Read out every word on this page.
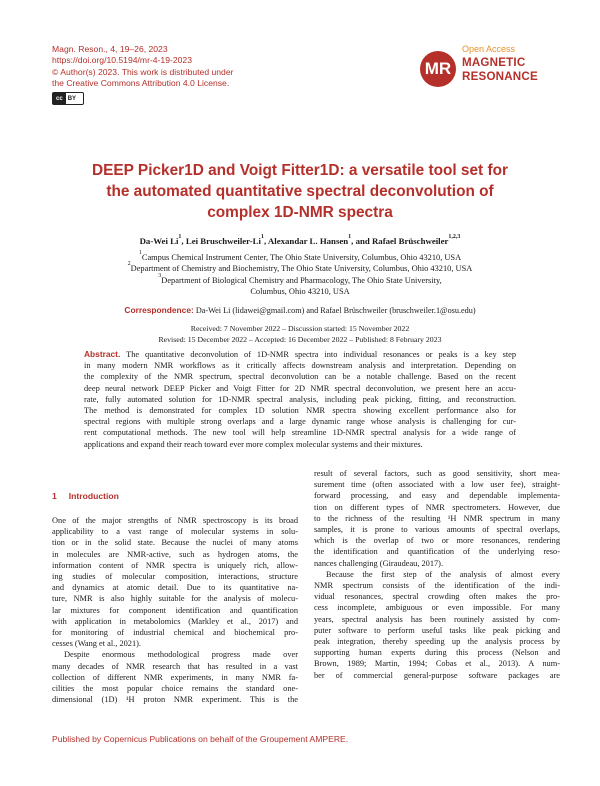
Magn. Reson., 4, 19–26, 2023
https://doi.org/10.5194/mr-4-19-2023
© Author(s) 2023. This work is distributed under
the Creative Commons Attribution 4.0 License.
cc BY
Open Access
MR MAGNETIC
RESONANCE
DEEP Picker1D and Voigt Fitter1D: a versatile tool set for
the automated quantitative spectral deconvolution of
complex 1D-NMR spectra
Da-Wei Li$^1$, Lei Bruschweiler-Li$^1$, Alexandar L. Hansen$^1$, and Rafael Brüschweiler$^{1,2,3}$
$^1$Campus Chemical Instrument Center, The Ohio State University, Columbus, Ohio 43210, USA
$^2$Department of Chemistry and Biochemistry, The Ohio State University, Columbus, Ohio 43210, USA
$^3$Department of Biological Chemistry and Pharmacology, The Ohio State University,
Columbus, Ohio 43210, USA
Correspondence: Da-Wei Li (lidawei@gmail.com) and Rafael Brüschweiler (bruschweiler.1@osu.edu)
Received: 7 November 2022 – Discussion started: 15 November 2022
Revised: 15 December 2022 – Accepted: 16 December 2022 – Published: 8 February 2023
Abstract. The quantitative deconvolution of 1D-NMR spectra into individual resonances or peaks is a key step
in many modern NMR workflows as it critically affects downstream analysis and interpretation. Depending on
the complexity of the NMR spectrum, spectral deconvolution can be a notable challenge. Based on the recent
deep neural network DEEP Picker and Voigt Fitter for 2D NMR spectral deconvolution, we present here an accu-
rate, fully automated solution for 1D-NMR spectral analysis, including peak picking, fitting, and reconstruction.
The method is demonstrated for complex 1D solution NMR spectra showing excellent performance also for
spectral regions with multiple strong overlaps and a large dynamic range whose analysis is challenging for cur-
rent computational methods. The new tool will help streamline 1D-NMR spectral analysis for a wide range of
applications and expand their reach toward ever more complex molecular systems and their mixtures.
1 Introduction
One of the major strengths of NMR spectroscopy is its broad
applicability to a vast range of molecular systems in solu-
tion or in the solid state. Because the nuclei of many atoms
in molecules are NMR-active, such as hydrogen atoms, the
information content of NMR spectra is uniquely rich, allow-
ing studies of molecular composition, interactions, structure
and dynamics at atomic detail. Due to its quantitative na-
ture, NMR is also highly suitable for the analysis of molecu-
lar mixtures for component identification and quantification
with application in metabolomics (Markley et al., 2017) and
for monitoring of industrial chemical and biochemical pro-
cesses (Wang et al., 2021).
Despite enormous methodological progress made over
many decades of NMR research that has resulted in a vast
collection of different NMR experiments, in many NMR fa-
cilities the most popular choice remains the standard one-
dimensional (1D) ¹H proton NMR experiment. This is the
result of several factors, such as good sensitivity, short mea-
surement time (often associated with a low user fee), straight-
forward processing, and easy and dependable implementa-
tion on different types of NMR spectrometers. However, due
to the richness of the resulting ¹H NMR spectrum in many
samples, it is prone to various amounts of spectral overlaps,
which is the overlap of two or more resonances, rendering
the identification and quantification of the underlying reso-
nances challenging (Giraudeau, 2017).
Because the first step of the analysis of almost every
NMR spectrum consists of the identification of the indi-
vidual resonances, spectral crowding often makes the pro-
cess incomplete, ambiguous or even impossible. For many
years, spectral analysis has been routinely assisted by com-
puter software to perform useful tasks like peak picking and
peak integration, thereby speeding up the analysis process by
supporting human experts during this process (Nelson and
Brown, 1989; Martin, 1994; Cobas et al., 2013). A num-
ber of commercial general-purpose software packages are
Published by Copernicus Publications on behalf of the Groupement AMPERE.
